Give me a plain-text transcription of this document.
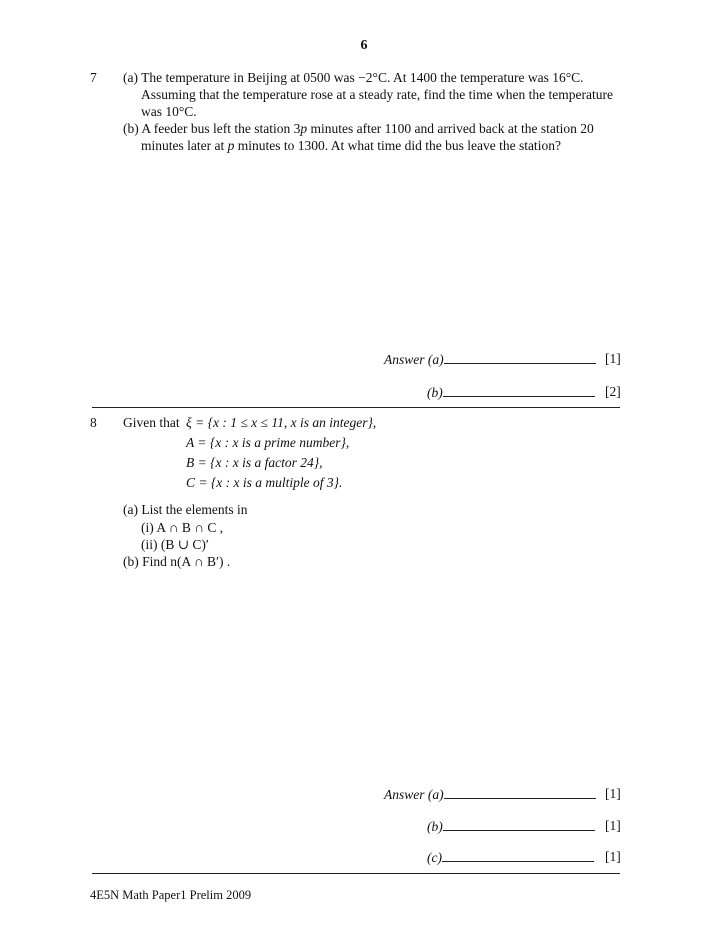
6
7 (a) The temperature in Beijing at 0500 was −2°C. At 1400 the temperature was 16°C.
Assuming that the temperature rose at a steady rate, find the time when the temperature
was 10°C.
(b) A feeder bus left the station 3p minutes after 1100 and arrived back at the station 20
minutes later at p minutes to 1300. At what time did the bus leave the station?
Answer (a)	[1]
(b)	[2]
8 Given that ξ = {x : 1 ≤ x ≤ 11, x is an integer},
A = {x : x is a prime number},
B = {x : x is a factor 24},
C = {x : x is a multiple of 3}.
(a) List the elements in
(i) A ∩ B ∩ C ,
(ii) (B ∪ C)′
(b) Find n(A ∩ B′) .
Answer (a)	[1]
(b)	[1]
(c)	[1]
4E5N Math Paper1 Prelim 2009
